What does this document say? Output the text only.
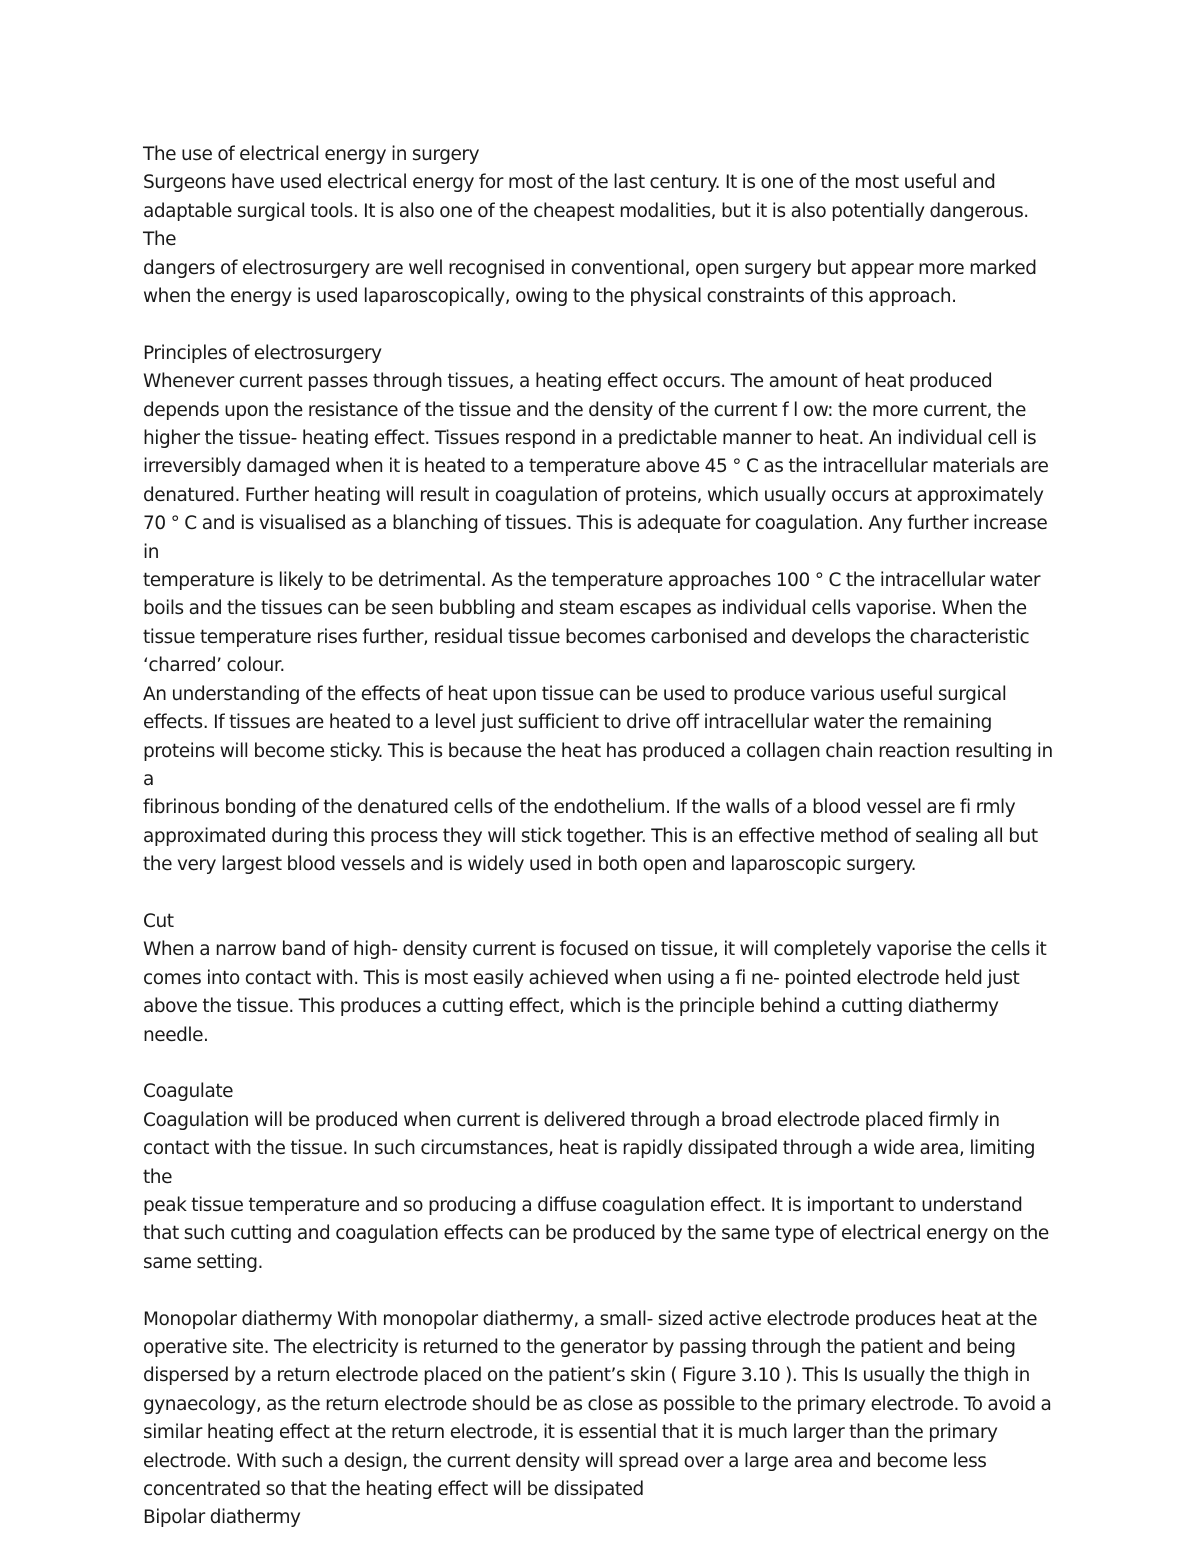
The use of electrical energy in surgery

Surgeons have used electrical energy for most of the last century. It is one of the most useful and
adaptable surgical tools. It is also one of the cheapest modalities, but it is also potentially dangerous. The
dangers of electrosurgery are well recognised in conventional, open surgery but appear more marked
when the energy is used laparoscopically, owing to the physical constraints of this approach.

Principles of electrosurgery

Whenever current passes through tissues, a heating effect occurs. The amount of heat produced
depends upon the resistance of the tissue and the density of the current f l ow: the more current, the
higher the tissue- heating effect. Tissues respond in a predictable manner to heat. An individual cell is
irreversibly damaged when it is heated to a temperature above 45 ° C as the intracellular materials are
denatured. Further heating will result in coagulation of proteins, which usually occurs at approximately
70 ° C and is visualised as a blanching of tissues. This is adequate for coagulation. Any further increase in
temperature is likely to be detrimental. As the temperature approaches 100 ° C the intracellular water
boils and the tissues can be seen bubbling and steam escapes as individual cells vaporise. When the
tissue temperature rises further, residual tissue becomes carbonised and develops the characteristic
‘charred’ colour.

An understanding of the effects of heat upon tissue can be used to produce various useful surgical
effects. If tissues are heated to a level just sufficient to drive off intracellular water the remaining
proteins will become sticky. This is because the heat has produced a collagen chain reaction resulting in a
fibrinous bonding of the denatured cells of the endothelium. If the walls of a blood vessel are fi rmly
approximated during this process they will stick together. This is an effective method of sealing all but
the very largest blood vessels and is widely used in both open and laparoscopic surgery.

Cut

When a narrow band of high- density current is focused on tissue, it will completely vaporise the cells it
comes into contact with. This is most easily achieved when using a fi ne- pointed electrode held just
above the tissue. This produces a cutting effect, which is the principle behind a cutting diathermy needle.

Coagulate

Coagulation will be produced when current is delivered through a broad electrode placed firmly in
contact with the tissue. In such circumstances, heat is rapidly dissipated through a wide area, limiting the
peak tissue temperature and so producing a diffuse coagulation effect. It is important to understand
that such cutting and coagulation effects can be produced by the same type of electrical energy on the
same setting.

Monopolar diathermy With monopolar diathermy, a small- sized active electrode produces heat at the
operative site. The electricity is returned to the generator by passing through the patient and being
dispersed by a return electrode placed on the patient’s skin ( Figure 3.10 ). This Is usually the thigh in
gynaecology, as the return electrode should be as close as possible to the primary electrode. To avoid a
similar heating effect at the return electrode, it is essential that it is much larger than the primary
electrode. With such a design, the current density will spread over a large area and become less
concentrated so that the heating effect will be dissipated

Bipolar diathermy
